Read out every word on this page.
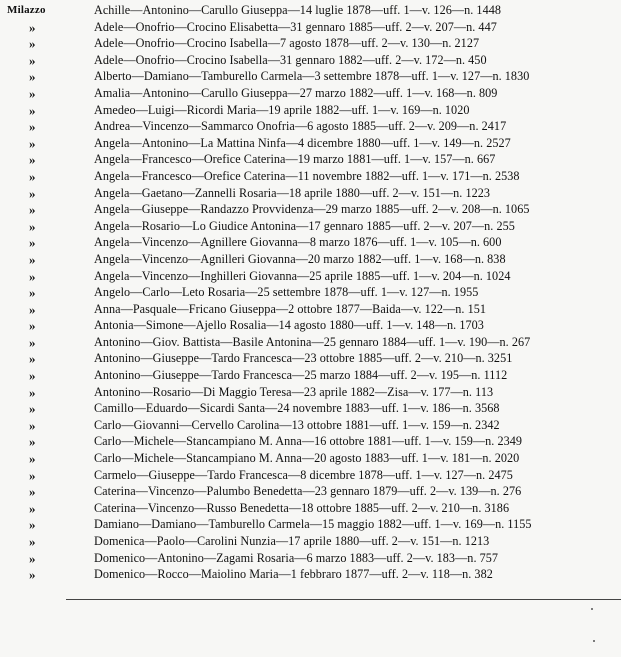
Milazzo	Achille—Antonino—Carullo Giuseppa—14 luglie 1878—uff. 1—v. 126—n. 1448
»	Adele—Onofrio—Crocino Elisabetta—31 gennaro 1885—uff. 2—v. 207—n. 447
»	Adele—Onofrio—Crocino Isabella—7 agosto 1878—uff. 2—v. 130—n. 2127
»	Adele—Onofrio—Crocino Isabella—31 gennaro 1882—uff. 2—v. 172—n. 450
»	Alberto—Damiano—Tamburello Carmela—3 settembre 1878—uff. 1—v. 127—n. 1830
»	Amalia—Antonino—Carullo Giuseppa—27 marzo 1882—uff. 1—v. 168—n. 809
»	Amedeo—Luigi—Ricordi Maria—19 aprile 1882—uff. 1—v. 169—n. 1020
»	Andrea—Vincenzo—Sammarco Onofria—6 agosto 1885—uff. 2—v. 209—n. 2417
»	Angela—Antonino—La Mattina Ninfa—4 dicembre 1880—uff. 1—v. 149—n. 2527
»	Angela—Francesco—Orefice Caterina—19 marzo 1881—uff. 1—v. 157—n. 667
»	Angela—Francesco—Orefice Caterina—11 novembre 1882—uff. 1—v. 171—n. 2538
»	Angela—Gaetano—Zannelli Rosaria—18 aprile 1880—uff. 2—v. 151—n. 1223
»	Angela—Giuseppe—Randazzo Provvidenza—29 marzo 1885—uff. 2—v. 208—n. 1065
»	Angela—Rosario—Lo Giudice Antonina—17 gennaro 1885—uff. 2—v. 207—n. 255
»	Angela—Vincenzo—Agnillere Giovanna—8 marzo 1876—uff. 1—v. 105—n. 600
»	Angela—Vincenzo—Agnilleri Giovanna—20 marzo 1882—uff. 1—v. 168—n. 838
»	Angela—Vincenzo—Inghilleri Giovanna—25 aprile 1885—uff. 1—v. 204—n. 1024
»	Angelo—Carlo—Leto Rosaria—25 settembre 1878—uff. 1—v. 127—n. 1955
»	Anna—Pasquale—Fricano Giuseppa—2 ottobre 1877—Baida—v. 122—n. 151
»	Antonia—Simone—Ajello Rosalia—14 agosto 1880—uff. 1—v. 148—n. 1703
»	Antonino—Giov. Battista—Basile Antonina—25 gennaro 1884—uff. 1—v. 190—n. 267
»	Antonino—Giuseppe—Tardo Francesca—23 ottobre 1885—uff. 2—v. 210—n. 3251
»	Antonino—Giuseppe—Tardo Francesca—25 marzo 1884—uff. 2—v. 195—n. 1112
»	Antonino—Rosario—Di Maggio Teresa—23 aprile 1882—Zisa—v. 177—n. 113
»	Camillo—Eduardo—Sicardi Santa—24 novembre 1883—uff. 1—v. 186—n. 3568
»	Carlo—Giovanni—Cervello Carolina—13 ottobre 1881—uff. 1—v. 159—n. 2342
»	Carlo—Michele—Stancampiano M. Anna—16 ottobre 1881—uff. 1—v. 159—n. 2349
»	Carlo—Michele—Stancampiano M. Anna—20 agosto 1883—uff. 1—v. 181—n. 2020
»	Carmelo—Giuseppe—Tardo Francesca—8 dicembre 1878—uff. 1—v. 127—n. 2475
»	Caterina—Vincenzo—Palumbo Benedetta—23 gennaro 1879—uff. 2—v. 139—n. 276
»	Caterina—Vincenzo—Russo Benedetta—18 ottobre 1885—uff. 2—v. 210—n. 3186
»	Damiano—Damiano—Tamburello Carmela—15 maggio 1882—uff. 1—v. 169—n. 1155
»	Domenica—Paolo—Carolini Nunzia—17 aprile 1880—uff. 2—v. 151—n. 1213
»	Domenico—Antonino—Zagami Rosaria—6 marzo 1883—uff. 2—v. 183—n. 757
»	Domenico—Rocco—Maiolino Maria—1 febbraro 1877—uff. 2—v. 118—n. 382
